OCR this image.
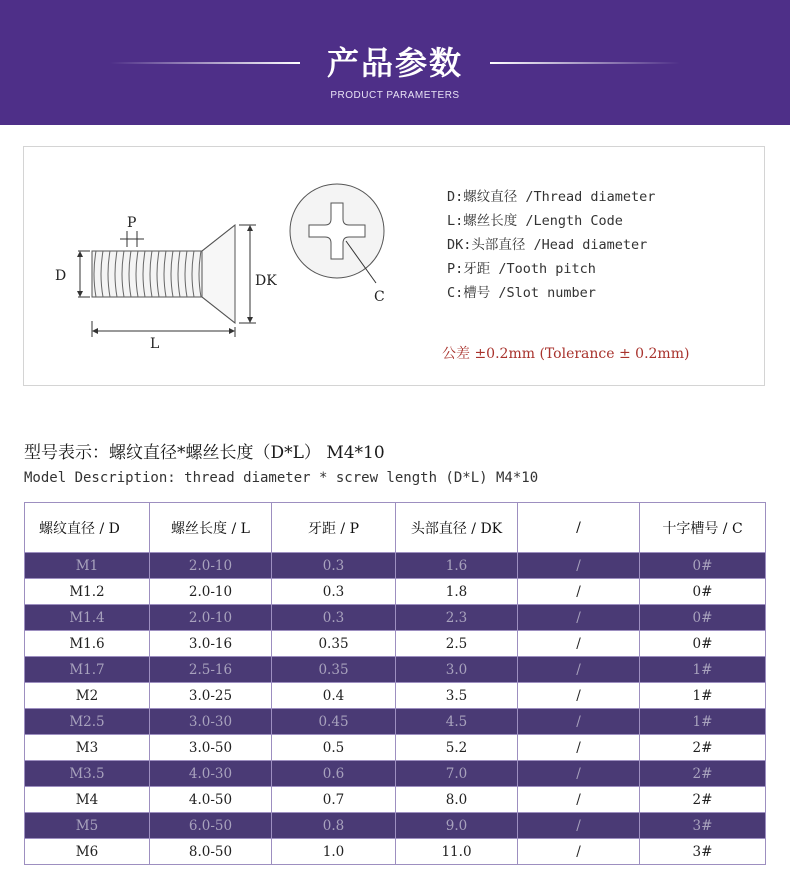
产品参数
PRODUCT PARAMETERS
P
D	DK
L
C
D:螺纹直径 /Thread diameter
L:螺丝长度 /Length Code
DK:头部直径 /Head diameter
P:牙距 /Tooth pitch
C:槽号 /Slot number
公差 ±0.2mm (Tolerance ± 0.2mm)
型号表示：螺纹直径*螺丝长度（D*L） M4*10
Model Description: thread diameter * screw length (D*L) M4*10
螺纹直径 / D	螺丝长度 / L	牙距 / P	头部直径 / DK	/	十字槽号 / C
M1	2.0-10	0.3	1.6	/	0#
M1.2	2.0-10	0.3	1.8	/	0#
M1.4	2.0-10	0.3	2.3	/	0#
M1.6	3.0-16	0.35	2.5	/	0#
M1.7	2.5-16	0.35	3.0	/	1#
M2	3.0-25	0.4	3.5	/	1#
M2.5	3.0-30	0.45	4.5	/	1#
M3	3.0-50	0.5	5.2	/	2#
M3.5	4.0-30	0.6	7.0	/	2#
M4	4.0-50	0.7	8.0	/	2#
M5	6.0-50	0.8	9.0	/	3#
M6	8.0-50	1.0	11.0	/	3#
